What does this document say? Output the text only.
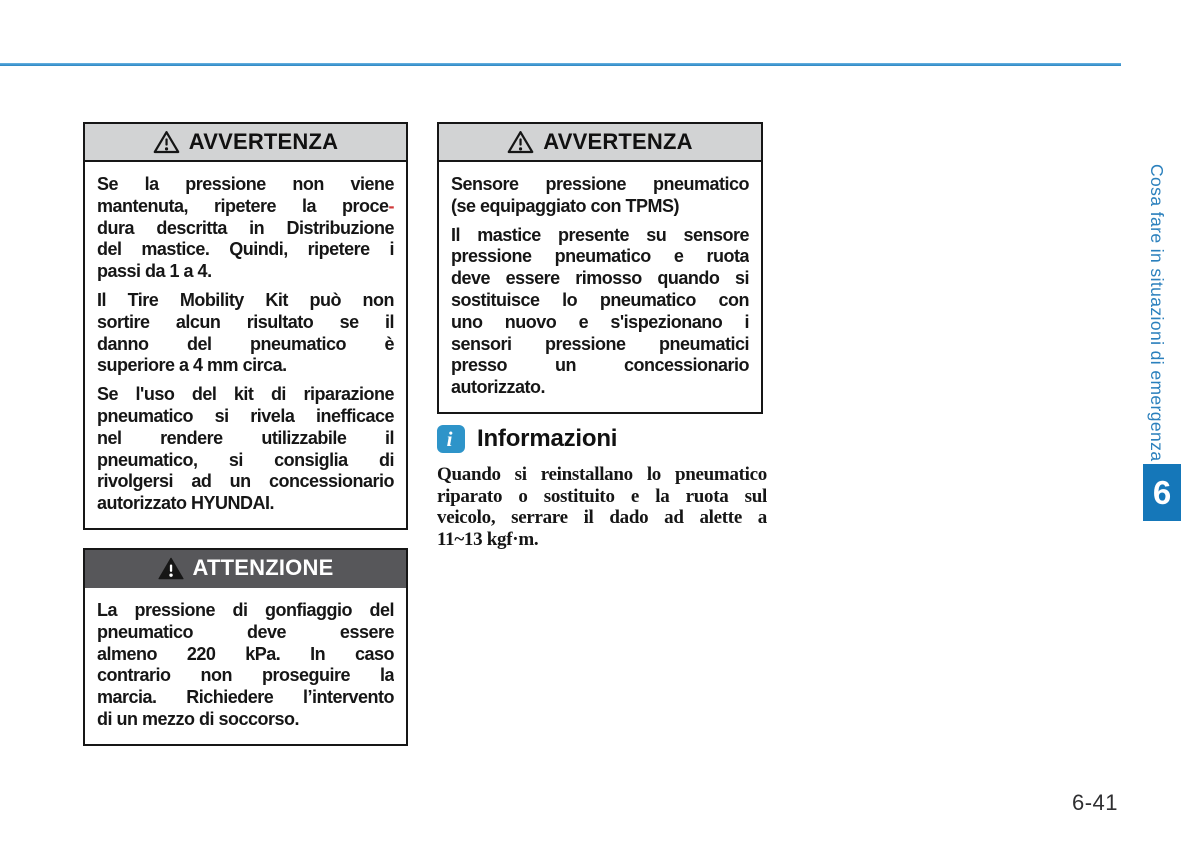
AVVERTENZA
Se la pressione non viene
mantenuta, ripetere la proce-
dura descritta in Distribuzione
del mastice. Quindi, ripetere i
passi da 1 a 4.
Il Tire Mobility Kit può non
sortire alcun risultato se il
danno del pneumatico è
superiore a 4 mm circa.
Se l'uso del kit di riparazione
pneumatico si rivela inefficace
nel rendere utilizzabile il
pneumatico, si consiglia di
rivolgersi ad un concessionario
autorizzato HYUNDAI.
ATTENZIONE
La pressione di gonfiaggio del
pneumatico deve essere
almeno 220 kPa. In caso
contrario non proseguire la
marcia. Richiedere l’intervento
di un mezzo di soccorso.
AVVERTENZA
Sensore pressione pneumatico
(se equipaggiato con TPMS)
Il mastice presente su sensore
pressione pneumatico e ruota
deve essere rimosso quando si
sostituisce lo pneumatico con
uno nuovo e s'ispezionano i
sensori pressione pneumatici
presso un concessionario
autorizzato.
i	Informazioni
Quando si reinstallano lo pneumatico
riparato o sostituito e la ruota sul
veicolo, serrare il dado ad alette a
11~13 kgf·m.
Cosa fare in situazioni di emergenza
6
6-41
